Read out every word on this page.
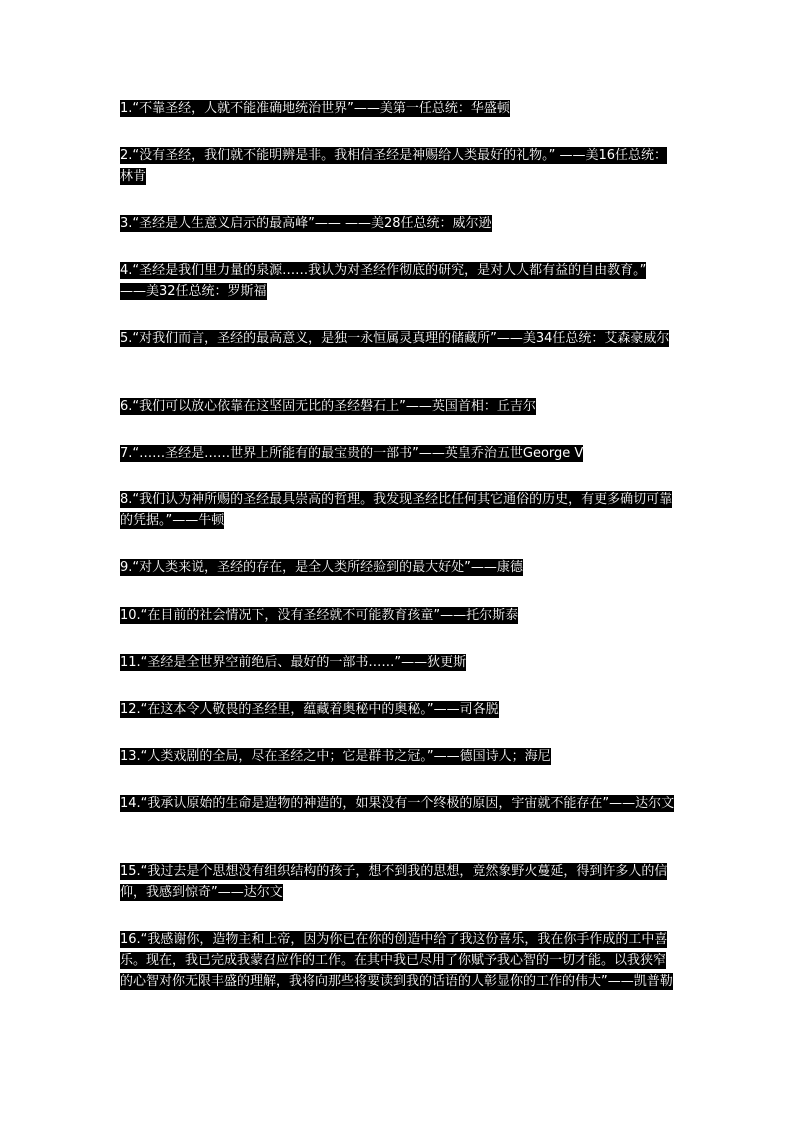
1.“不靠圣经，人就不能准确地统治世界”——美第一任总统：华盛顿
2.“没有圣经，我们就不能明辨是非。我相信圣经是神赐给人类最好的礼物。” ——美16任总统：林肯
3.“圣经是人生意义启示的最高峰”—— ——美28任总统：威尔逊
4.“圣经是我们里力量的泉源……我认为对圣经作彻底的研究，是对人人都有益的自由教育。” ——美32任总统：罗斯福
5.“对我们而言，圣经的最高意义，是独一永恒属灵真理的储藏所”——美34任总统：艾森豪威尔
6.“我们可以放心依靠在这坚固无比的圣经磐石上”——英国首相：丘吉尔
7.“……圣经是……世界上所能有的最宝贵的一部书”——英皇乔治五世George V
8.“我们认为神所赐的圣经最具崇高的哲理。我发现圣经比任何其它通俗的历史，有更多确切可靠的凭据。”——牛顿
9.“对人类来说，圣经的存在，是全人类所经验到的最大好处”——康德
10.“在目前的社会情况下，没有圣经就不可能教育孩童”——托尔斯泰
11.“圣经是全世界空前绝后、最好的一部书……”——狄更斯
12.“在这本令人敬畏的圣经里，蕴藏着奥秘中的奥秘。”——司各脱
13.“人类戏剧的全局，尽在圣经之中；它是群书之冠。”——德国诗人；海尼
14.“我承认原始的生命是造物的神造的，如果没有一个终极的原因，宇宙就不能存在”——达尔文
15.“我过去是个思想没有组织结构的孩子，想不到我的思想，竟然象野火蔓延，得到许多人的信仰，我感到惊奇”——达尔文
16.“我感谢你，造物主和上帝，因为你已在你的创造中给了我这份喜乐，我在你手作成的工中喜乐。现在，我已完成我蒙召应作的工作。在其中我已尽用了你赋予我心智的一切才能。以我狭窄的心智对你无限丰盛的理解，我将向那些将要读到我的话语的人彰显你的工作的伟大”——凯普勒
